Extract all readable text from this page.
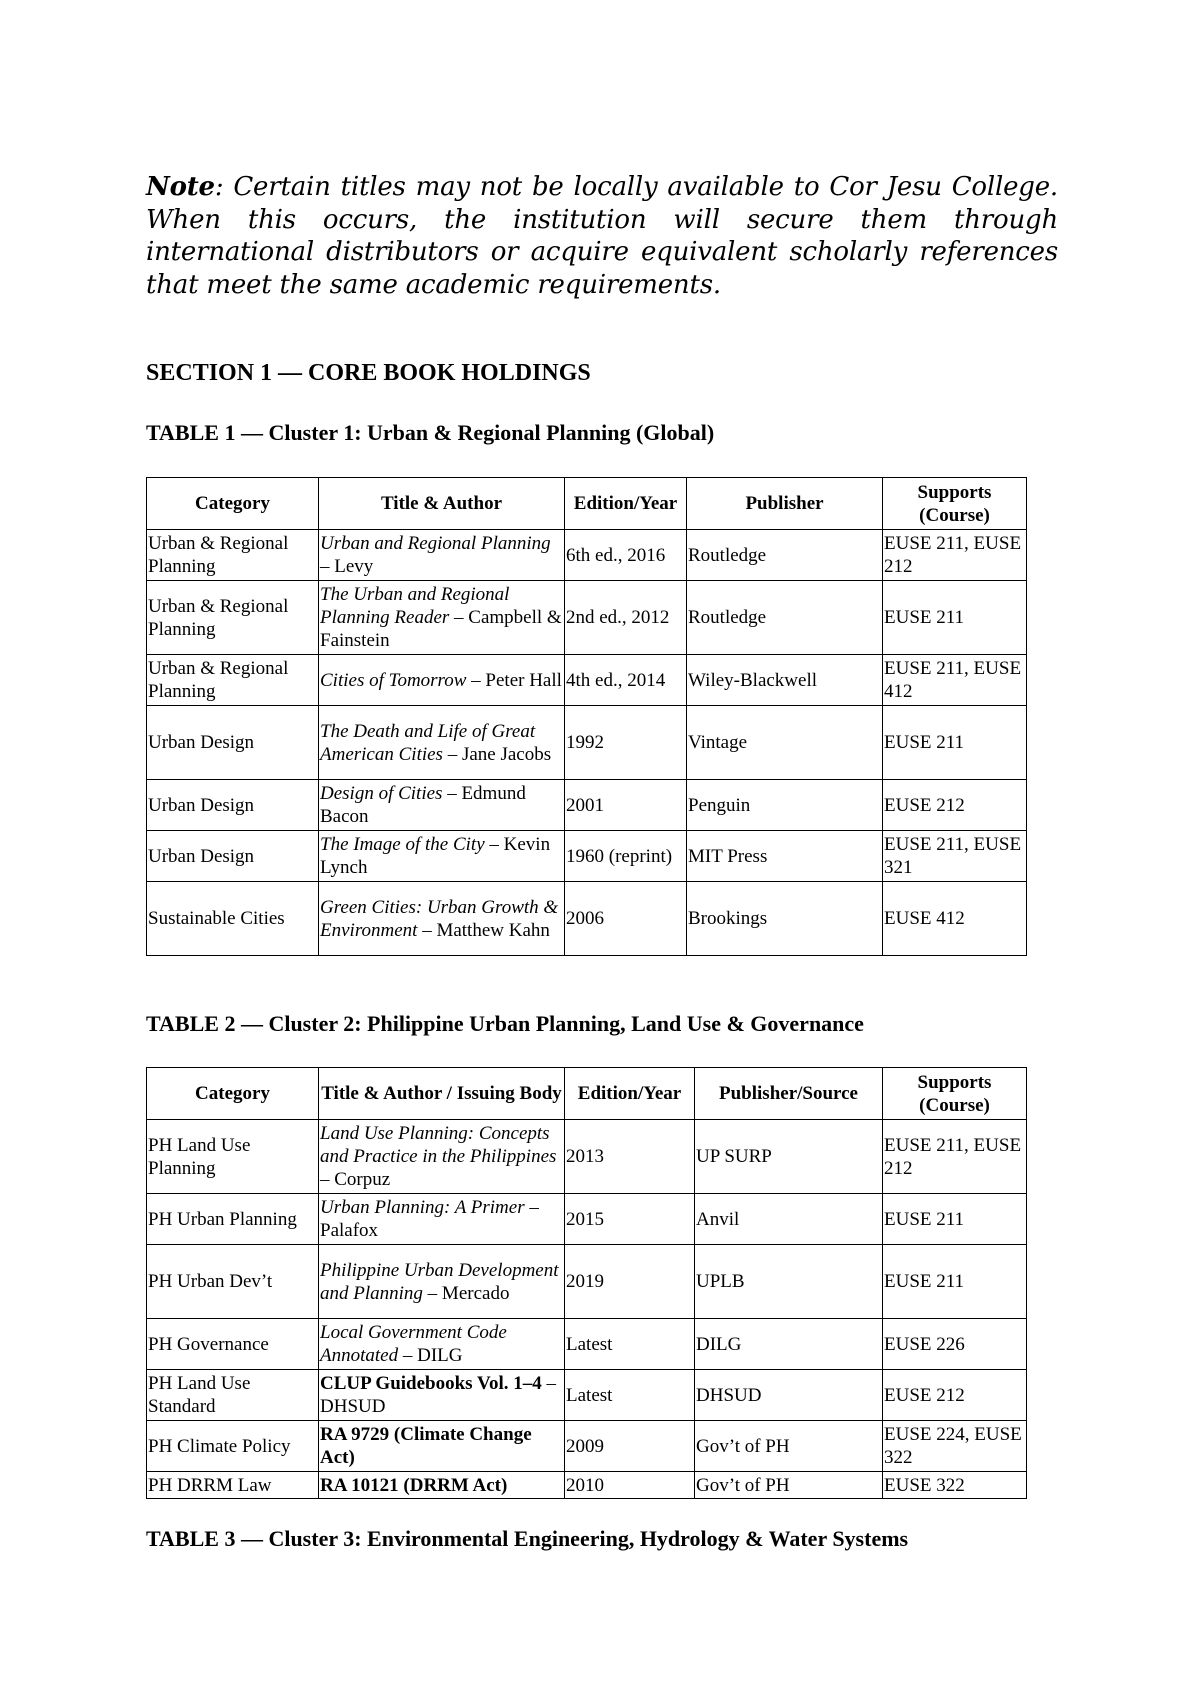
Note: Certain titles may not be locally available to Cor Jesu College. When this occurs, the institution will secure them through international distributors or acquire equivalent scholarly references that meet the same academic requirements.

SECTION 1 — CORE BOOK HOLDINGS
TABLE 1 — Cluster 1: Urban & Regional Planning (Global)
Category	Title & Author	Edition/Year	Publisher	Supports (Course)
Urban & Regional Planning	Urban and Regional Planning – Levy	6th ed., 2016	Routledge	EUSE 211, EUSE 212
Urban & Regional Planning	The Urban and Regional Planning Reader – Campbell & Fainstein	2nd ed., 2012	Routledge	EUSE 211
Urban & Regional Planning	Cities of Tomorrow – Peter Hall	4th ed., 2014	Wiley-Blackwell	EUSE 211, EUSE 412
Urban Design	The Death and Life of Great American Cities – Jane Jacobs	1992	Vintage	EUSE 211
Urban Design	Design of Cities – Edmund Bacon	2001	Penguin	EUSE 212
Urban Design	The Image of the City – Kevin Lynch	1960 (reprint)	MIT Press	EUSE 211, EUSE 321
Sustainable Cities	Green Cities: Urban Growth & Environment – Matthew Kahn	2006	Brookings	EUSE 412
TABLE 2 — Cluster 2: Philippine Urban Planning, Land Use & Governance
Category	Title & Author / Issuing Body	Edition/Year	Publisher/Source	Supports (Course)
PH Land Use Planning	Land Use Planning: Concepts and Practice in the Philippines – Corpuz	2013	UP SURP	EUSE 211, EUSE 212
PH Urban Planning	Urban Planning: A Primer – Palafox	2015	Anvil	EUSE 211
PH Urban Dev’t	Philippine Urban Development and Planning – Mercado	2019	UPLB	EUSE 211
PH Governance	Local Government Code Annotated – DILG	Latest	DILG	EUSE 226
PH Land Use Standard	CLUP Guidebooks Vol. 1–4 – DHSUD	Latest	DHSUD	EUSE 212
PH Climate Policy	RA 9729 (Climate Change Act)	2009	Gov’t of PH	EUSE 224, EUSE 322
PH DRRM Law	RA 10121 (DRRM Act)	2010	Gov’t of PH	EUSE 322
TABLE 3 — Cluster 3: Environmental Engineering, Hydrology & Water Systems
